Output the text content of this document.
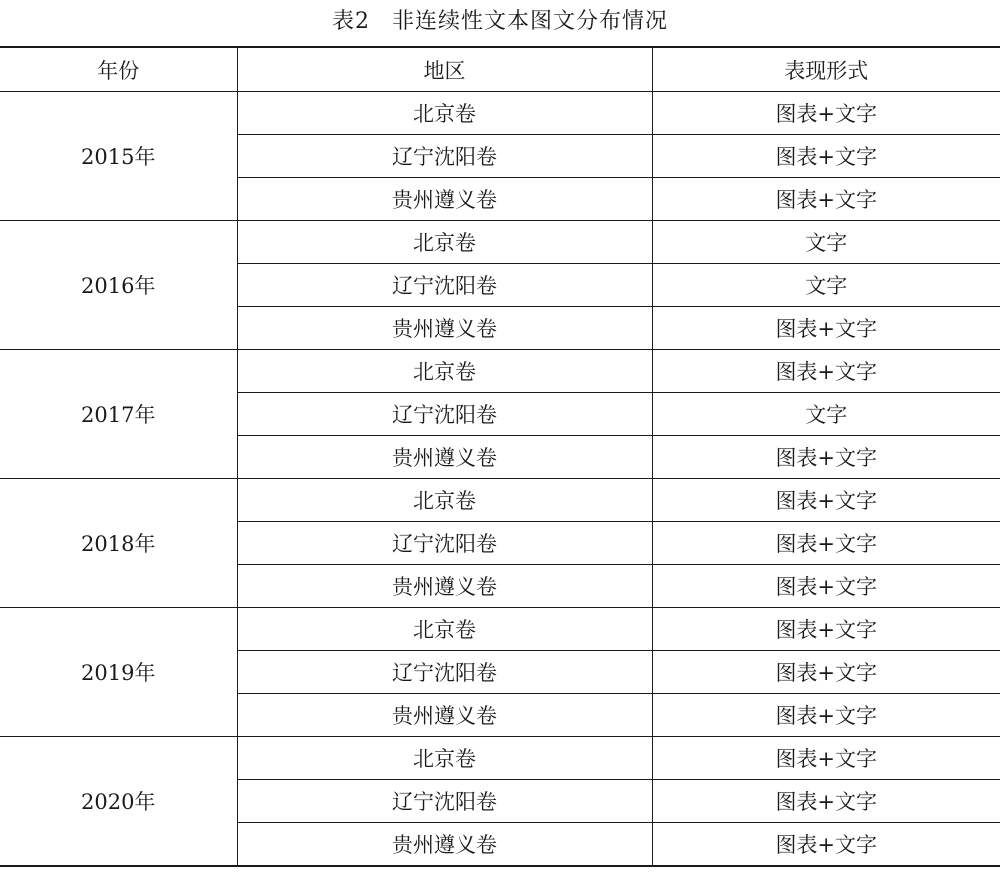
表2 非连续性文本图文分布情况
年份	地区	表现形式
2015年	北京卷	图表+文字
	辽宁沈阳卷	图表+文字
	贵州遵义卷	图表+文字
2016年	北京卷	文字
	辽宁沈阳卷	文字
	贵州遵义卷	图表+文字
2017年	北京卷	图表+文字
	辽宁沈阳卷	文字
	贵州遵义卷	图表+文字
2018年	北京卷	图表+文字
	辽宁沈阳卷	图表+文字
	贵州遵义卷	图表+文字
2019年	北京卷	图表+文字
	辽宁沈阳卷	图表+文字
	贵州遵义卷	图表+文字
2020年	北京卷	图表+文字
	辽宁沈阳卷	图表+文字
	贵州遵义卷	图表+文字
